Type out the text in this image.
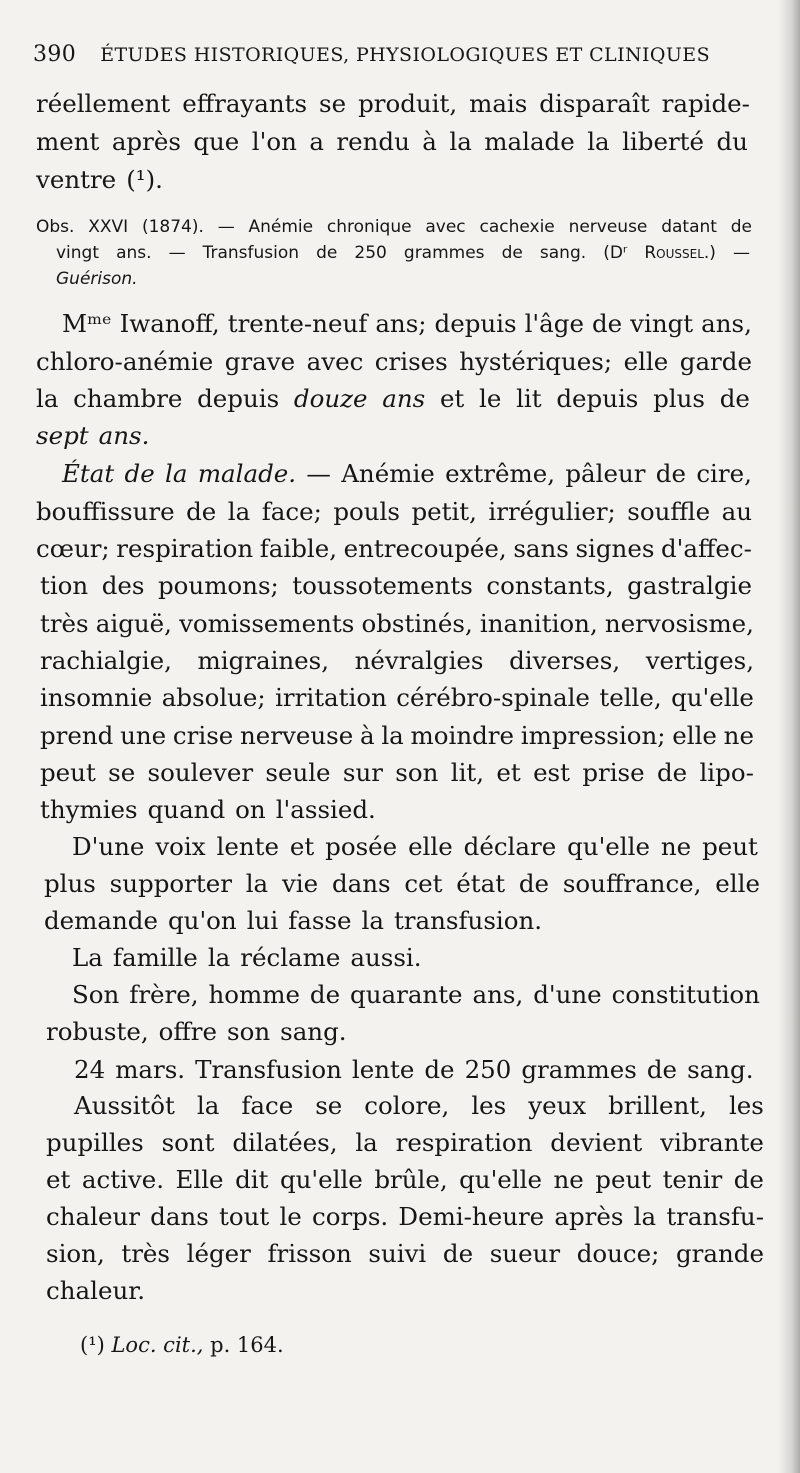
390 ÉTUDES HISTORIQUES, PHYSIOLOGIQUES ET CLINIQUES
réellement effrayants se produit, mais disparaît rapide-
ment après que l'on a rendu à la malade la liberté du
ventre (¹).
Obs. XXVI (1874). — Anémie chronique avec cachexie nerveuse datant de
vingt ans. — Transfusion de 250 grammes de sang. (Dʳ Roussel.) —
Guérison.
Mᵐᵉ Iwanoff, trente-neuf ans; depuis l'âge de vingt ans,
chloro-anémie grave avec crises hystériques; elle garde
la chambre depuis douze ans et le lit depuis plus de
sept ans.
État de la malade. — Anémie extrême, pâleur de cire,
bouffissure de la face; pouls petit, irrégulier; souffle au
cœur; respiration faible, entrecoupée, sans signes d'affec-
tion des poumons; toussotements constants, gastralgie
très aiguë, vomissements obstinés, inanition, nervosisme,
rachialgie, migraines, névralgies diverses, vertiges,
insomnie absolue; irritation cérébro-spinale telle, qu'elle
prend une crise nerveuse à la moindre impression; elle ne
peut se soulever seule sur son lit, et est prise de lipo-
thymies quand on l'assied.
D'une voix lente et posée elle déclare qu'elle ne peut
plus supporter la vie dans cet état de souffrance, elle
demande qu'on lui fasse la transfusion.
La famille la réclame aussi.
Son frère, homme de quarante ans, d'une constitution
robuste, offre son sang.
24 mars. Transfusion lente de 250 grammes de sang.
Aussitôt la face se colore, les yeux brillent, les
pupilles sont dilatées, la respiration devient vibrante
et active. Elle dit qu'elle brûle, qu'elle ne peut tenir de
chaleur dans tout le corps. Demi-heure après la transfu-
sion, très léger frisson suivi de sueur douce; grande
chaleur.
(¹) Loc. cit., p. 164.
